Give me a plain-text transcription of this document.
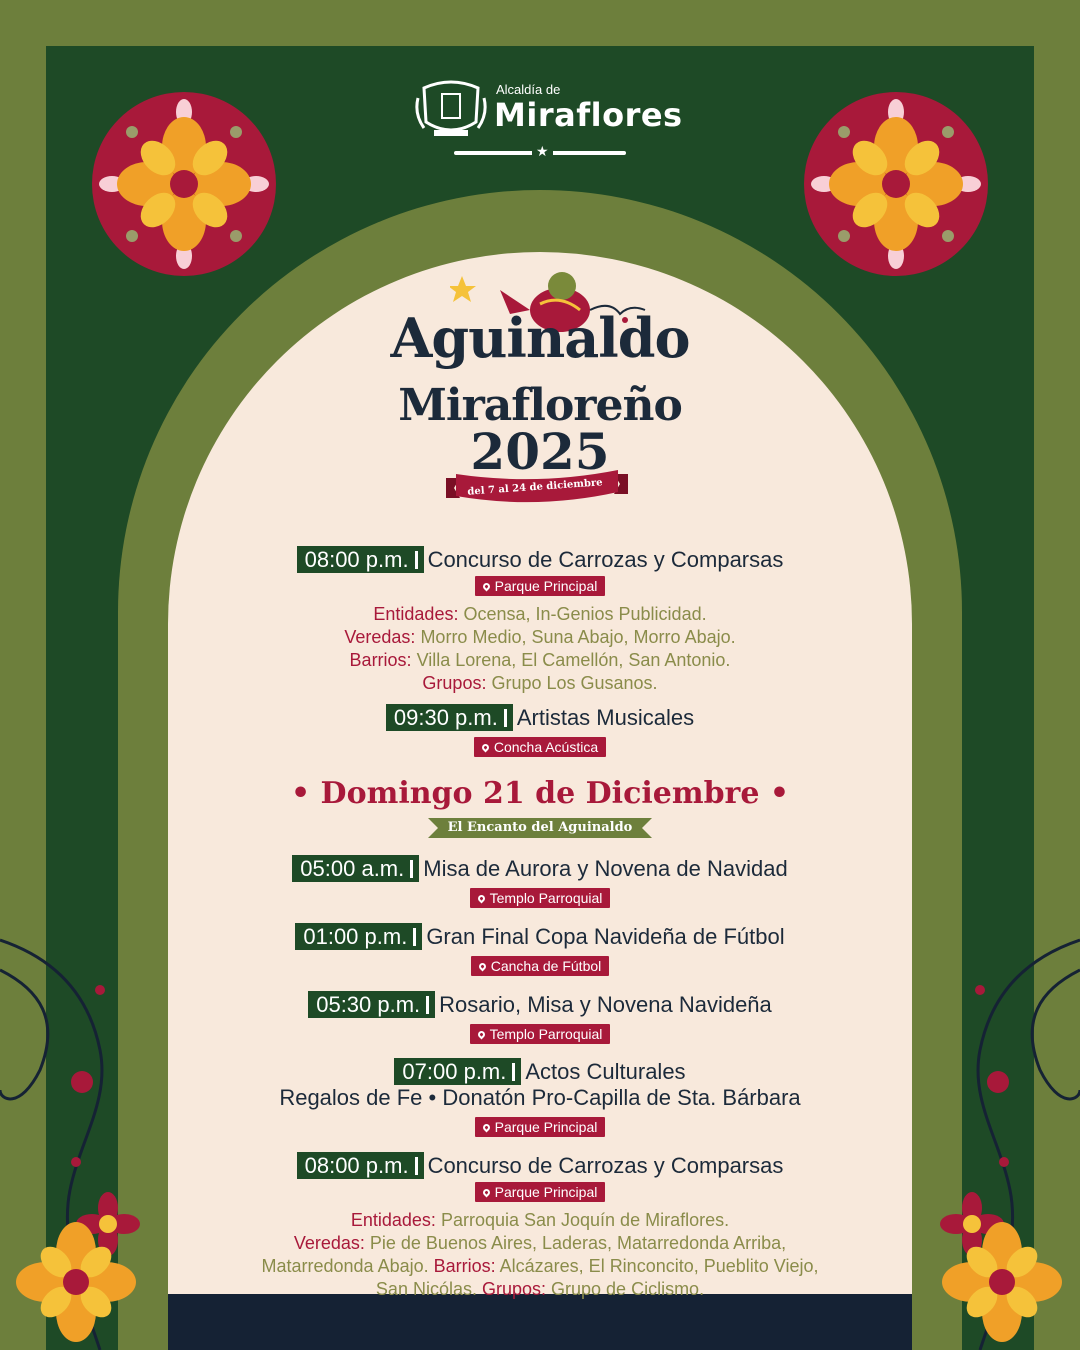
Alcaldía de
Miraflores
★
Aguinaldo
Mirafloreño
2025
del 7 al 24 de diciembre
08:00 p.m. Concurso de Carrozas y Comparsas
Parque Principal
Entidades: Ocensa, In-Genios Publicidad.
Veredas: Morro Medio, Suna Abajo, Morro Abajo.
Barrios: Villa Lorena, El Camellón, San Antonio.
Grupos: Grupo Los Gusanos.
09:30 p.m. Artistas Musicales
Concha Acústica
• Domingo 21 de Diciembre •
El Encanto del Aguinaldo
05:00 a.m. Misa de Aurora y Novena de Navidad
Templo Parroquial
01:00 p.m. Gran Final Copa Navideña de Fútbol
Cancha de Fútbol
05:30 p.m. Rosario, Misa y Novena Navideña
Templo Parroquial
07:00 p.m. Actos Culturales
Regalos de Fe • Donatón Pro-Capilla de Sta. Bárbara
Parque Principal
08:00 p.m. Concurso de Carrozas y Comparsas
Parque Principal
Entidades: Parroquia San Joquín de Miraflores.
Veredas: Pie de Buenos Aires, Laderas, Matarredonda Arriba,
Matarredonda Abajo. Barrios: Alcázares, El Rinconcito, Pueblito Viejo,
San Nicólas. Grupos: Grupo de Ciclismo.
